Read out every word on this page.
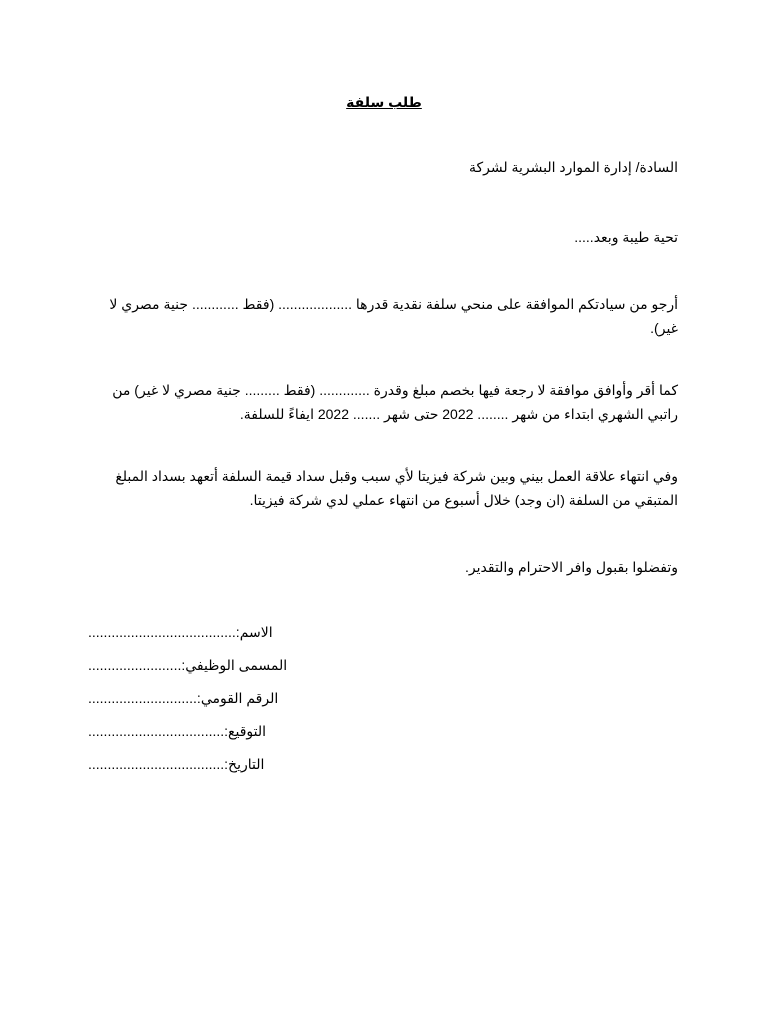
طلب سلفة
السادة/ إدارة الموارد البشرية لشركة
تحية طيبة وبعد.....
أرجو من سيادتكم الموافقة على منحي سلفة نقدية قدرها ................... (فقط ............ جنية مصري لا غير).
كما أقر وأوافق موافقة لا رجعة فيها بخصم مبلغ وقدرة ............. (فقط ......... جنية مصري لا غير) من راتبي الشهري ابتداء من شهر ........ 2022 حتى شهر ....... 2022 ايفاءً للسلفة.
وفي انتهاء علاقة العمل بيني وبين شركة فيزيتا لأي سبب وقبل سداد قيمة السلفة أتعهد بسداد المبلغ المتبقي من السلفة (ان وجد) خلال أسبوع من انتهاء عملي لدي شركة فيزيتا.
وتفضلوا بقبول وافر الاحترام والتقدير.
......................................:الاسم
........................:المسمى الوظيفي
............................:الرقم القومي
...................................:التوقيع
...................................:التاريخ
